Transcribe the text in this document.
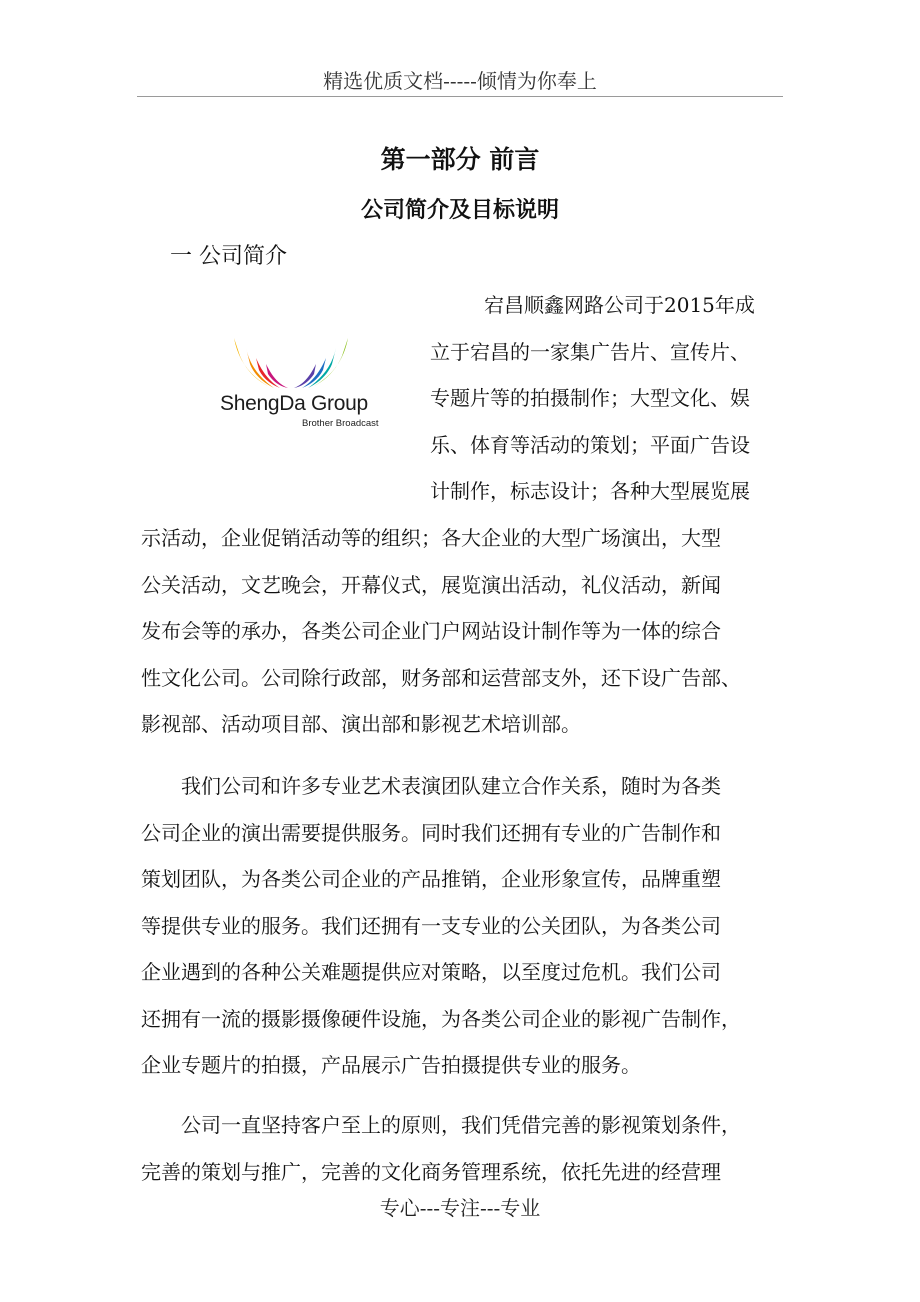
精选优质文档-----倾情为你奉上
第一部分 前言
公司简介及目标说明
一 公司简介
ShengDa Group
Brother Broadcast
宕昌顺鑫网路公司于2015年成
立于宕昌的一家集广告片、宣传片、
专题片等的拍摄制作；大型文化、娱
乐、体育等活动的策划；平面广告设
计制作，标志设计；各种大型展览展
示活动，企业促销活动等的组织；各大企业的大型广场演出，大型
公关活动，文艺晚会，开幕仪式，展览演出活动，礼仪活动，新闻
发布会等的承办，各类公司企业门户网站设计制作等为一体的综合
性文化公司。公司除行政部，财务部和运营部支外，还下设广告部、
影视部、活动项目部、演出部和影视艺术培训部。
我们公司和许多专业艺术表演团队建立合作关系，随时为各类
公司企业的演出需要提供服务。同时我们还拥有专业的广告制作和
策划团队，为各类公司企业的产品推销，企业形象宣传，品牌重塑
等提供专业的服务。我们还拥有一支专业的公关团队，为各类公司
企业遇到的各种公关难题提供应对策略，以至度过危机。我们公司
还拥有一流的摄影摄像硬件设施，为各类公司企业的影视广告制作，
企业专题片的拍摄，产品展示广告拍摄提供专业的服务。
公司一直坚持客户至上的原则，我们凭借完善的影视策划条件，
完善的策划与推广，完善的文化商务管理系统，依托先进的经营理
专心---专注---专业
